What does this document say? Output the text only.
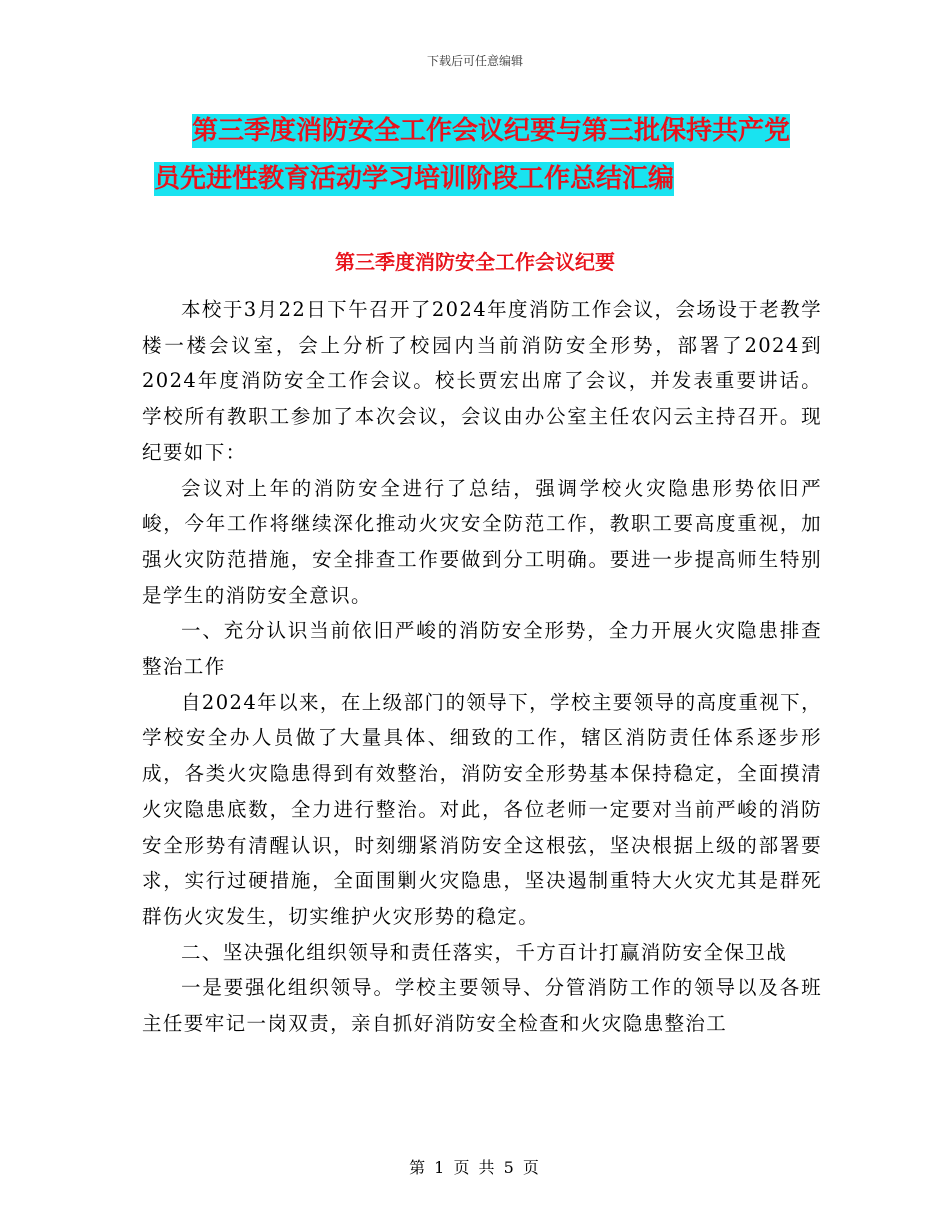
下载后可任意编辑
第三季度消防安全工作会议纪要与第三批保持共产党
员先进性教育活动学习培训阶段工作总结汇编
第三季度消防安全工作会议纪要

本校于3月22日下午召开了2024年度消防工作会议，会场设于老教学楼一楼会议室，会上分析了校园内当前消防安全形势，部署了2024到2024年度消防安全工作会议。校长贾宏出席了会议，并发表重要讲话。学校所有教职工参加了本次会议，会议由办公室主任农闪云主持召开。现纪要如下：

会议对上年的消防安全进行了总结，强调学校火灾隐患形势依旧严峻，今年工作将继续深化推动火灾安全防范工作，教职工要高度重视，加强火灾防范措施，安全排查工作要做到分工明确。要进一步提高师生特别是学生的消防安全意识。

一、充分认识当前依旧严峻的消防安全形势，全力开展火灾隐患排查整治工作

自2024年以来，在上级部门的领导下，学校主要领导的高度重视下，学校安全办人员做了大量具体、细致的工作，辖区消防责任体系逐步形成，各类火灾隐患得到有效整治，消防安全形势基本保持稳定，全面摸清火灾隐患底数，全力进行整治。对此，各位老师一定要对当前严峻的消防安全形势有清醒认识，时刻绷紧消防安全这根弦，坚决根据上级的部署要求，实行过硬措施，全面围剿火灾隐患，坚决遏制重特大火灾尤其是群死群伤火灾发生，切实维护火灾形势的稳定。

二、坚决强化组织领导和责任落实，千方百计打赢消防安全保卫战

一是要强化组织领导。学校主要领导、分管消防工作的领导以及各班主任要牢记一岗双责，亲自抓好消防安全检查和火灾隐患整治工

第 1 页 共 5 页
